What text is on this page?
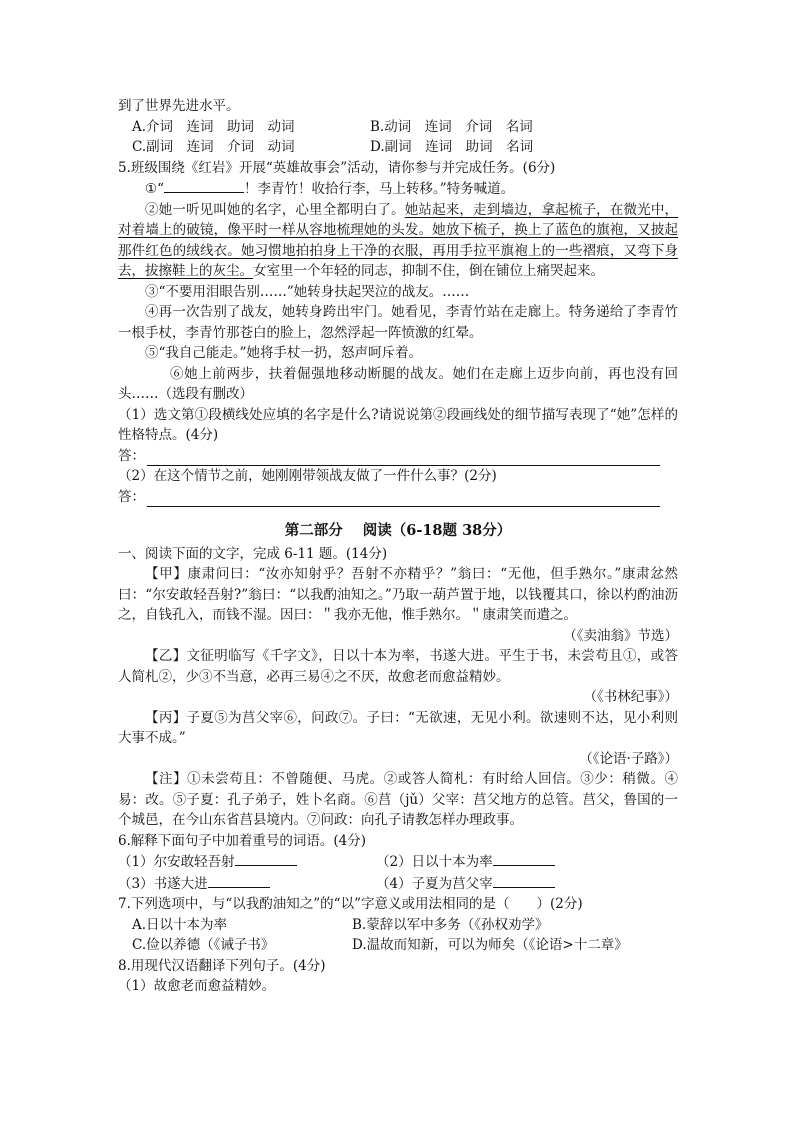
到了世界先进水平。

A.介词　连词　助词　动词	B.动词　连词　介词　名词
C.副词　连词　介词　动词	D.副词　连词　助词　名词

5.班级围绕《红岩》开展“英雄故事会”活动，请你参与并完成任务。(6分)

①“	！李青竹！收拾行李，马上转移。”特务喊道。

②她一听见叫她的名字，心里全都明白了。她站起来，走到墙边，拿起梳子，在微光中，对着墙上的破镜，像平时一样从容地梳理她的头发。她放下梳子，换上了蓝色的旗袍，又披起那件红色的绒线衣。她习惯地拍拍身上干净的衣服，再用手拉平旗袍上的一些褶痕，又弯下身去，拔擦鞋上的灰尘。女室里一个年轻的同志，抑制不住，倒在铺位上痛哭起来。

③“不要用泪眼告别……”她转身扶起哭泣的战友。……

④再一次告别了战友，她转身跨出牢门。她看见，李青竹站在走廊上。特务递给了李青竹一根手杖，李青竹那苍白的脸上，忽然浮起一阵愤激的红晕。

⑤“我自己能走。”她将手杖一扔，怒声呵斥着。

⑥她上前两步，扶着倔强地移动断腿的战友。她们在走廊上迈步向前，再也没有回头……（选段有删改）

（1）选文第①段横线处应填的名字是什么?请说说第②段画线处的细节描写表现了“她”怎样的性格特点。(4分)

答：

（2）在这个情节之前，她刚刚带领战友做了一件什么事？(2分)

答：
第二部分 阅读（6-18题 38分）

一、阅读下面的文字，完成 6-11 题。(14分)

【甲】康肃问曰：“汝亦知射乎？吾射不亦精乎？”翁曰：“无他，但手熟尔。”康肃忿然曰：“尔安敢轻吾射?”翁曰：“以我酌油知之。”乃取一葫芦置于地，以钱覆其口，徐以杓酌油沥之，自钱孔入，而钱不湿。因曰：＂我亦无他，惟手熟尔。＂康肃笑而遣之。

（《卖油翁》节选）

【乙】文征明临写《千字文》，日以十本为率，书遂大进。平生于书，未尝苟且①，或答人简札②，少③不当意，必再三易④之不厌，故愈老而愈益精妙。

（《书林纪事》）

【丙】子夏⑤为莒父宰⑥，问政⑦。子曰：“无欲速，无见小利。欲速则不达，见小利则大事不成。”

（《论语·子路》）

【注】①未尝苟且：不曾随便、马虎。②或答人简札：有时给人回信。③少：稍微。④易：改。⑤子夏：孔子弟子，姓卜名商。⑥莒（jǔ）父宰：莒父地方的总管。莒父，鲁国的一个城邑，在今山东省莒县境内。⑦问政：向孔子请教怎样办理政事。

6.解释下面句子中加着重号的词语。(4分)

（1）尔安敢轻吾射	（2）日以十本为率
（3）书遂大进	（4）子夏为莒父宰

7.下列选项中，与“以我酌油知之”的“以”字意义或用法相同的是（　　）(2分)

A.日以十本为率	B.蒙辞以军中多务（《孙权劝学》
C.俭以养德（《诫子书》	D.温故而知新，可以为师矣（《论语>十二章》

8.用现代汉语翻译下列句子。(4分)

（1）故愈老而愈益精妙。
